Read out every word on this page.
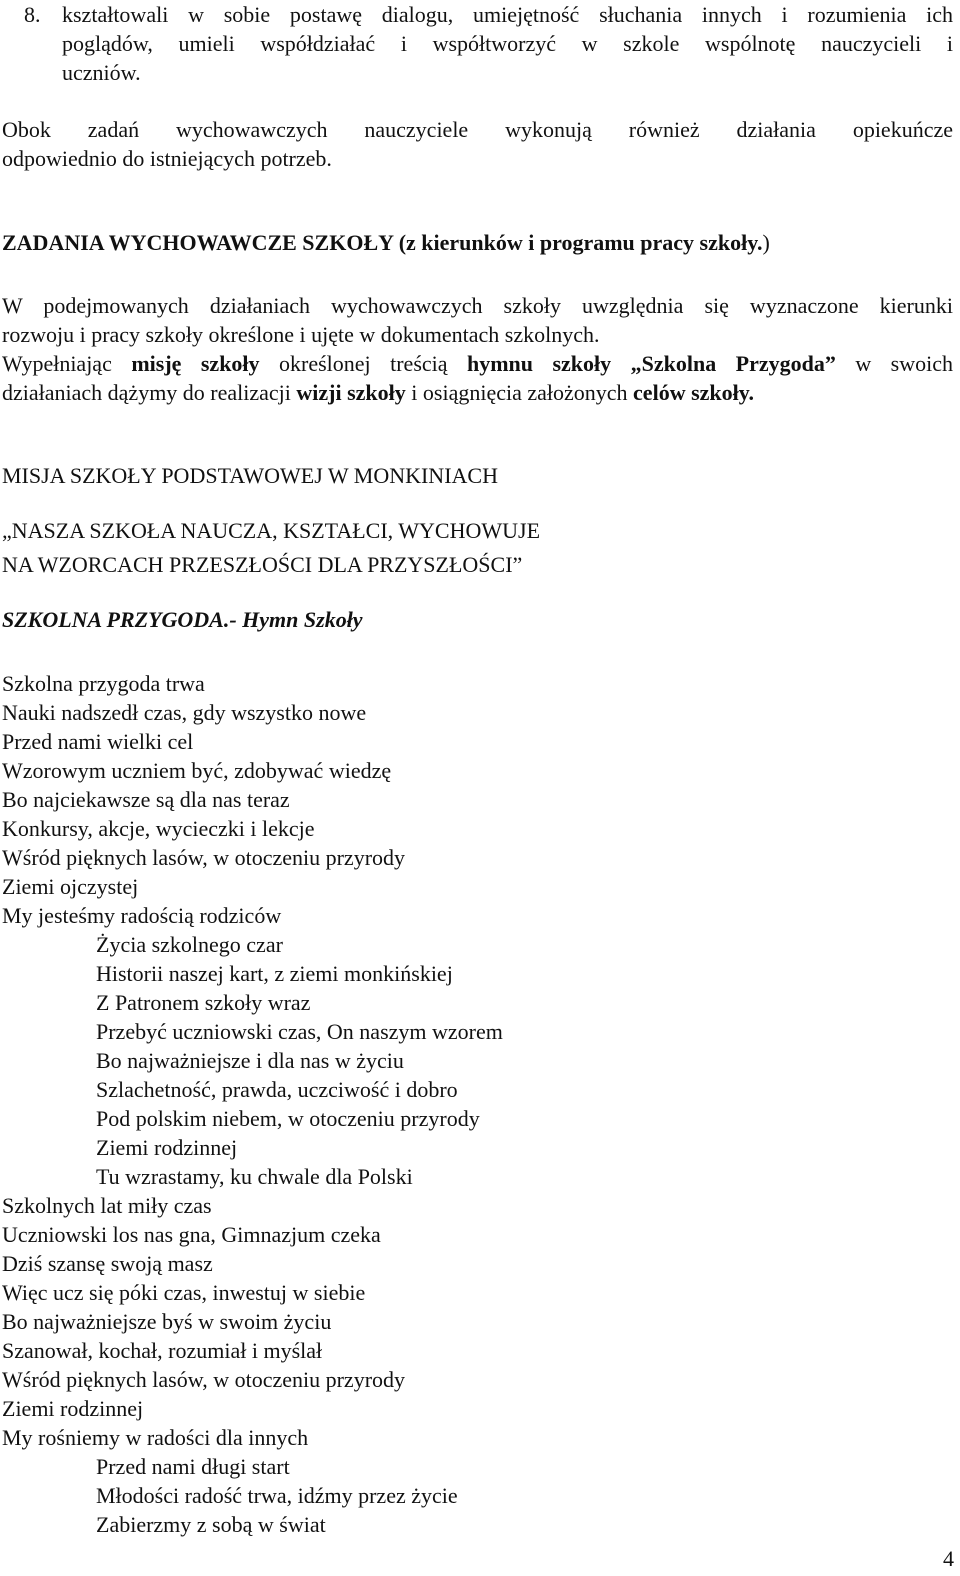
8. kształtowali w sobie postawę dialogu, umiejętność słuchania innych i rozumienia ich
poglądów, umieli współdziałać i współtworzyć w szkole wspólnotę nauczycieli i
uczniów.
Obok zadań wychowawczych nauczyciele wykonują również działania opiekuńcze
odpowiednio do istniejących potrzeb.
ZADANIA WYCHOWAWCZE SZKOŁY (z kierunków i programu pracy szkoły.)
W podejmowanych działaniach wychowawczych szkoły uwzględnia się wyznaczone kierunki
rozwoju i pracy szkoły określone i ujęte w dokumentach szkolnych.
Wypełniając misję szkoły określonej treścią hymnu szkoły „Szkolna Przygoda” w swoich
działaniach dążymy do realizacji wizji szkoły i osiągnięcia założonych celów szkoły.
MISJA SZKOŁY PODSTAWOWEJ W MONKINIACH
„NASZA SZKOŁA NAUCZA, KSZTAŁCI, WYCHOWUJE
NA WZORCACH PRZESZŁOŚCI DLA PRZYSZŁOŚCI”
SZKOLNA PRZYGODA.- Hymn Szkoły
Szkolna przygoda trwa
Nauki nadszedł czas, gdy wszystko nowe
Przed nami wielki cel
Wzorowym uczniem być, zdobywać wiedzę
Bo najciekawsze są dla nas teraz
Konkursy, akcje, wycieczki i lekcje
Wśród pięknych lasów, w otoczeniu przyrody
Ziemi ojczystej
My jesteśmy radością rodziców
Życia szkolnego czar
Historii naszej kart, z ziemi monkińskiej
Z Patronem szkoły wraz
Przebyć uczniowski czas, On naszym wzorem
Bo najważniejsze i dla nas w życiu
Szlachetność, prawda, uczciwość i dobro
Pod polskim niebem, w otoczeniu przyrody
Ziemi rodzinnej
Tu wzrastamy, ku chwale dla Polski
Szkolnych lat miły czas
Uczniowski los nas gna, Gimnazjum czeka
Dziś szansę swoją masz
Więc ucz się póki czas, inwestuj w siebie
Bo najważniejsze byś w swoim życiu
Szanował, kochał, rozumiał i myślał
Wśród pięknych lasów, w otoczeniu przyrody
Ziemi rodzinnej
My rośniemy w radości dla innych
Przed nami długi start
Młodości radość trwa, idźmy przez życie
Zabierzmy z sobą w świat
4
